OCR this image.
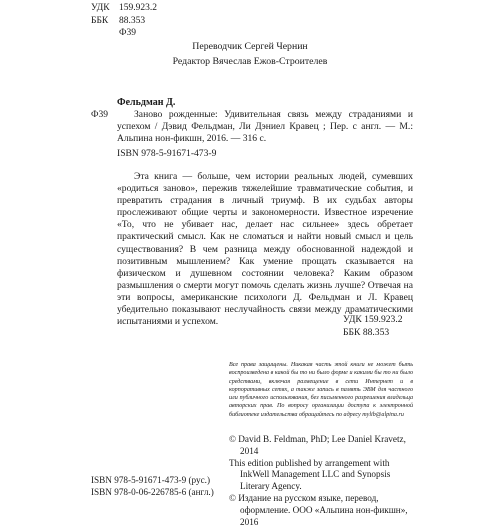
УДК 159.923.2
ББК	88.353
Ф39
Переводчик Сергей Чернин
Редактор Вячеслав Ежов-Строителев
Фельдман Д.
Ф39	Заново рожденные: Удивительная связь между страданиями и успехом / Дэвид Фельдман, Ли Дэниел Кравец ; Пер. с англ. — М.: Альпина нон-фикшн, 2016. — 316 с.

ISBN 978-5-91671-473-9

Эта книга — больше, чем истории реальных людей, сумевших «родиться заново», пережив тяжелейшие травматические события, и превратить страдания в личный триумф. В их судьбах авторы прослеживают общие черты и закономерности. Известное изречение «То, что не убивает нас, делает нас сильнее» здесь обретает практический смысл. Как не сломаться и найти новый смысл и цель существования? В чем разница между обоснованной надеждой и позитивным мышлением? Как умение прощать сказывается на физическом и душевном состоянии человека? Каким образом размышления о смерти могут помочь сделать жизнь лучше? Отвечая на эти вопросы, американские психологи Д. Фельдман и Л. Кравец убедительно показывают неслучайность связи между драматическими испытаниями и успехом.	УДК 159.923.2
ББК 88.353

Все права защищены. Никакая часть этой книги не может быть воспроизведена в какой бы то ни было форме и какими бы то ни было средствами, включая размещение в сети Интернет и в корпоративных сетях, а также запись в память ЭВМ для частного или публичного использования, без письменного разрешения владельца авторских прав. По вопросу организации доступа к электронной библиотеке издательства обращайтесь по адресу mylib@alpina.ru

© David B. Feldman, PhD; Lee Daniel Kravetz, 2014

This edition published by arrangement with InkWell Management LLC and Synopsis Literary Agency.

© Издание на русском языке, перевод, оформление. ООО «Альпина нон-фикшн», 2016

ISBN 978-5-91671-473-9 (рус.)
ISBN 978-0-06-226785-6 (англ.)
